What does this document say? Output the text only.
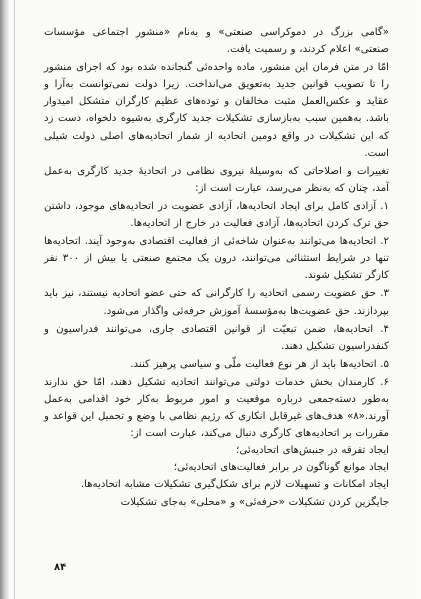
«گامی بزرگ در دموکراسی صنعتی» و به‌نام «منشور اجتماعی مؤسسات صنعتی» اعلام کردند، و رسمیت یافت.

امّا در متن فرمان این منشور، ماده واحده‌ئی گنجانده شده بود که اجرای منشور را تا تصویب قوانین جدید به‌تعویق می‌انداخت. زیرا دولت نمی‌توانست به‌آرا و عقاید و عکس‌العمل مثبت مخالفان و توده‌های عظیم کارگران متشکل امیدوار باشد. به‌همین سبب به‌بازسازی تشکیلات جدید کارگری به‌شیوه دلخواه، دست زد که این تشکیلات در واقع دومین اتحادیه از شمار اتحادیه‌های اصلی دولت شیلی است.

تغییرات و اصلاحاتی که به‌وسیلهٔ نیروی نظامی در اتحادیهٔ جدید کارگری به‌عمل آمد، چنان که به‌نظر می‌رسد، عبارت است از:

۱. آزادی کامل برای ایجاد اتحادیه‌ها، آزادی عضویت در اتحادیه‌های موجود، داشتن حق ترک کردن اتحادیه‌ها، آزادی فعالیت در خارج از اتحادیه‌ها.

۲. اتحادیه‌ها می‌توانند به‌عنوان شاخه‌ئی از فعالیت اقتصادی به‌وجود آیند. اتحادیه‌ها تنها در شرایط استثنائی می‌توانند، درون یک مجتمع صنعتی یا بیش از ۳۰۰ نفر کارگر تشکیل شوند.

۳. حق عضویت رسمی اتحادیه را کارگرانی که حتی عضو اتحادیه نیستند، نیز باید بپردازند. حق عضویت‌ها به‌مؤسسهٔ آموزش حرفه‌ئی واگذار می‌شود.

۴. اتحادیه‌ها، ضمن تبعیّت از قوانین اقتصادی جاری، می‌توانند فدراسیون و کنفدراسیون تشکیل دهند.

۵. اتحادیه‌ها باید از هر نوع فعالیت ملّی و سیاسی پرهیز کنند.

۶. کارمندان بخش خدمات دولتی می‌توانند اتحادیه تشکیل دهند، امّا حق ندارند به‌طور دسته‌جمعی درباره موقعیت و امور مربوط به‌کار خود اقدامی به‌عمل آورند.«۸» هدف‌های غیرقابل انکاری که رژیم نظامی با وضع و تحمیل این قواعد و مقررات بر اتحادیه‌های کارگری دنبال می‌کند، عبارت است از:

ایجاد تفرقه در جنبش‌های اتحادیه‌ئی؛

ایجاد موانع گوناگون در برابر فعالیت‌های اتحادیه‌ئی؛

ایجاد امکانات و تسهیلات لازم برای شکل‌گیری تشکیلات مشابه اتحادیه‌ها.

جایگزین کردن تشکیلات «حرفه‌ئی» و «محلی» به‌جای تشکیلات

۸۴
